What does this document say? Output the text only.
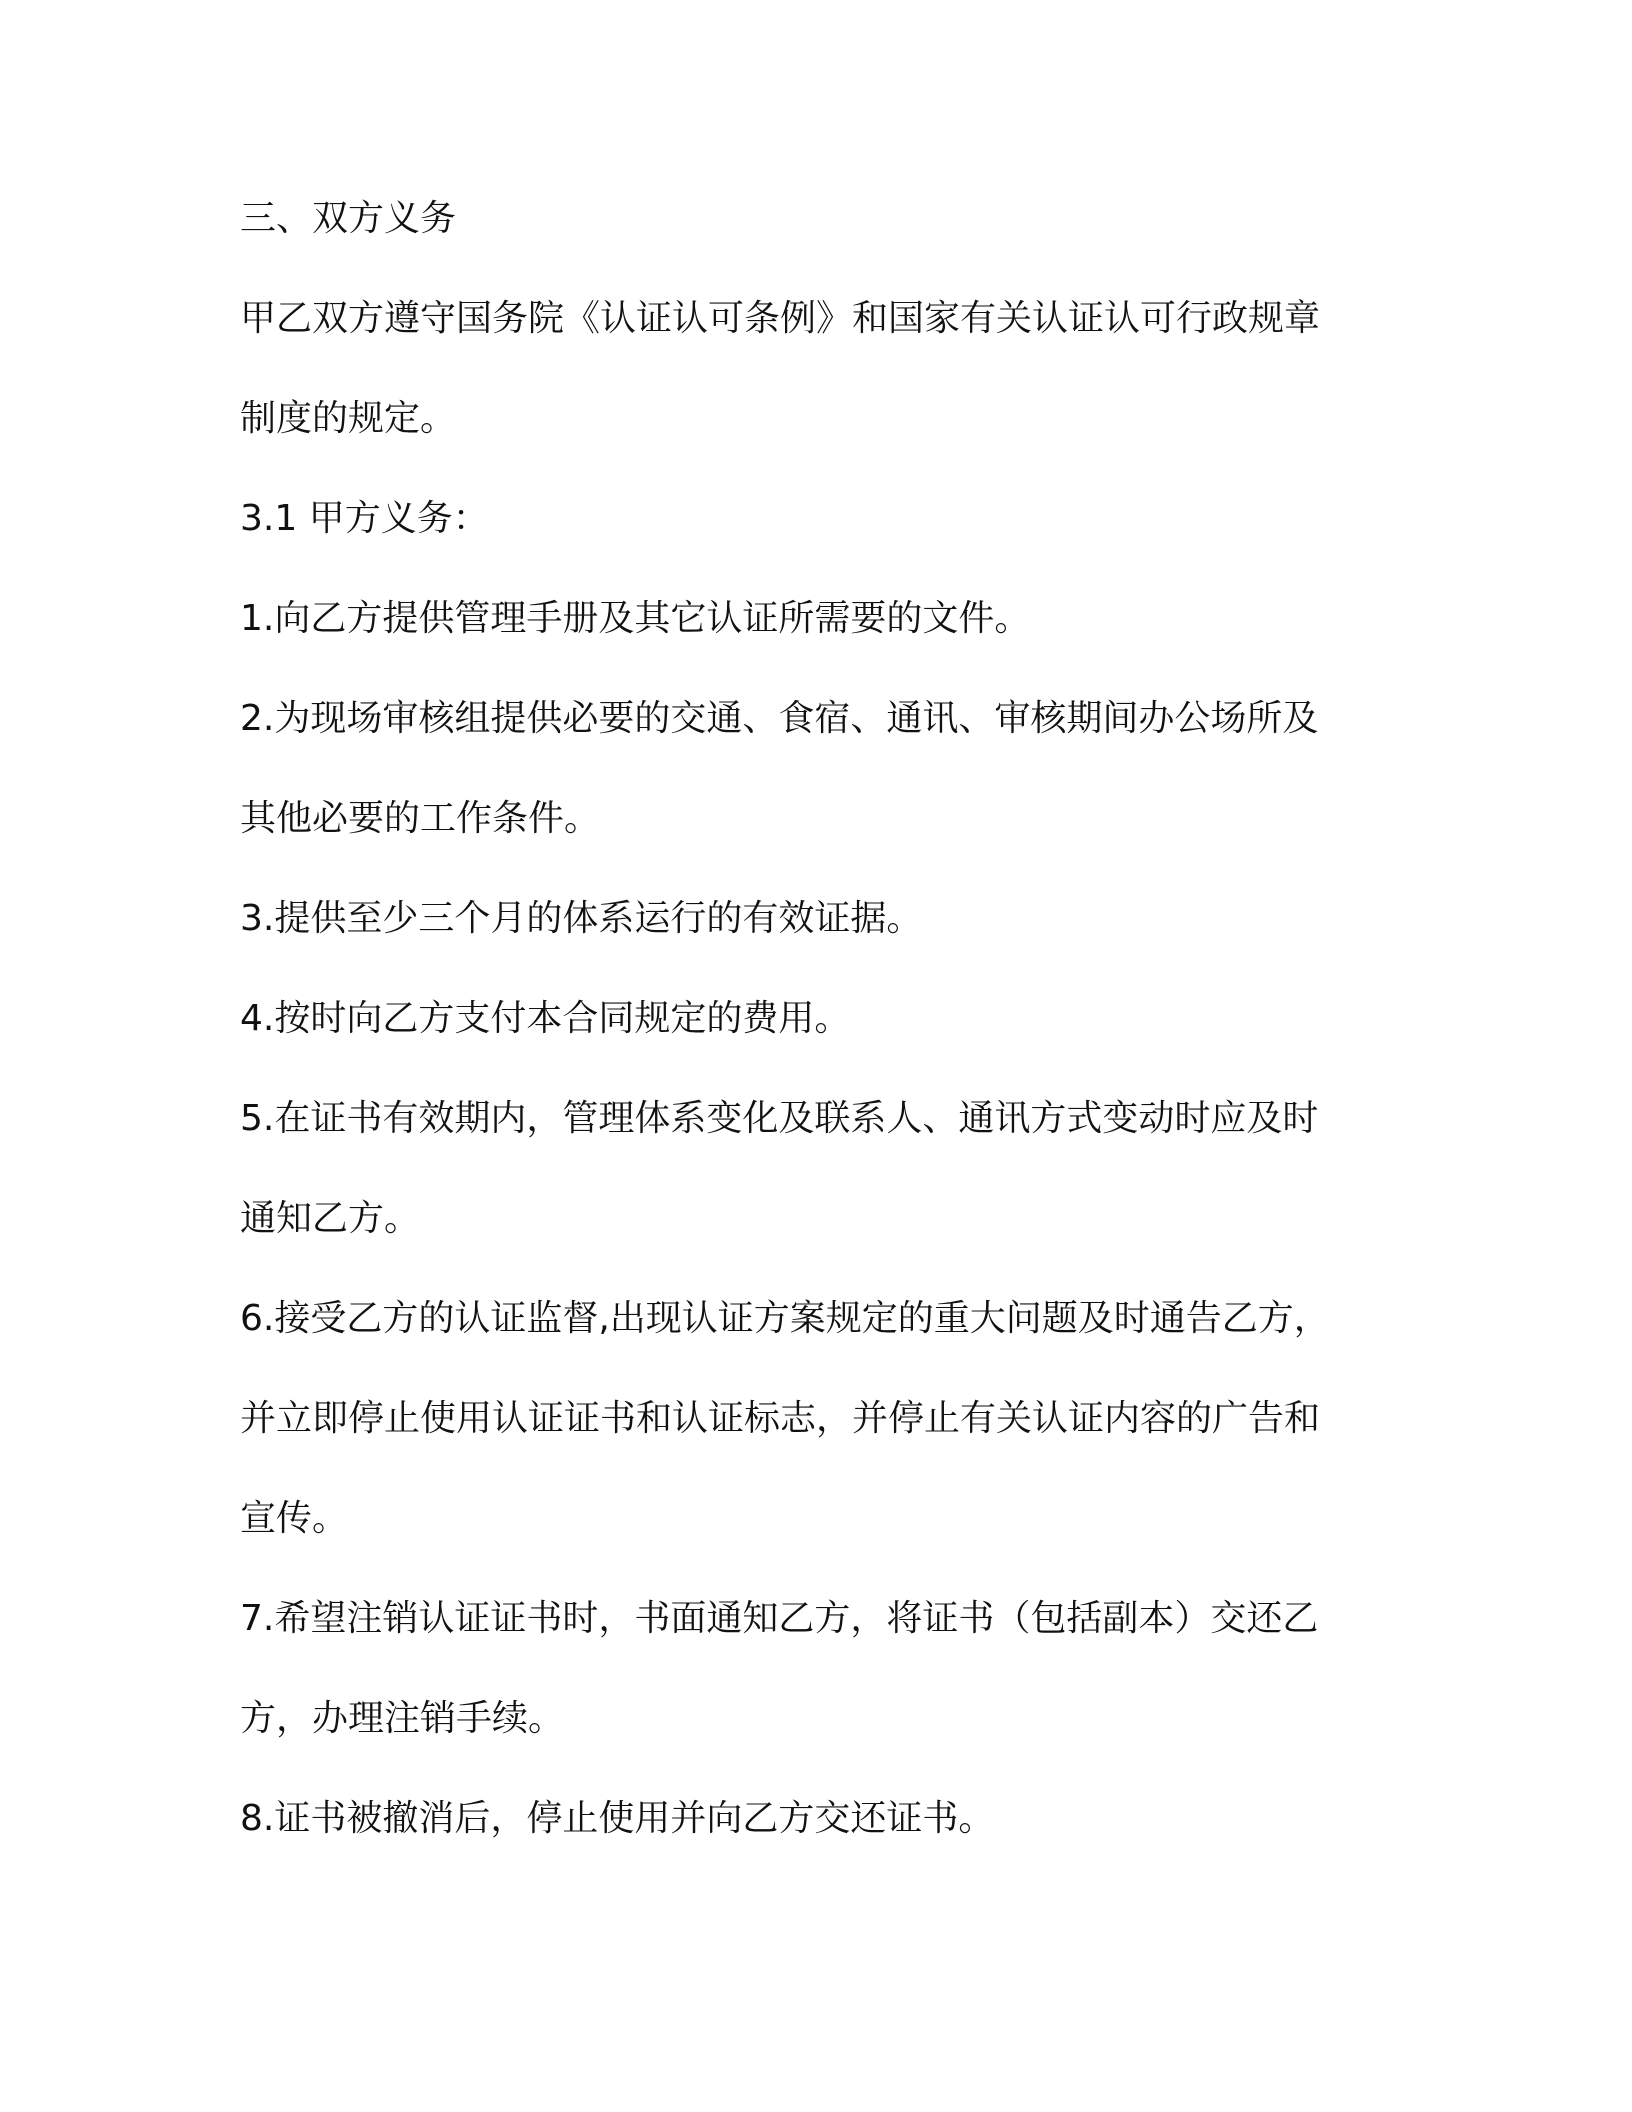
三、双方义务
甲乙双方遵守国务院《认证认可条例》和国家有关认证认可行政规章
制度的规定。
3.1 甲方义务：
1.向乙方提供管理手册及其它认证所需要的文件。
2.为现场审核组提供必要的交通、食宿、通讯、审核期间办公场所及
其他必要的工作条件。
3.提供至少三个月的体系运行的有效证据。
4.按时向乙方支付本合同规定的费用。
5.在证书有效期内，管理体系变化及联系人、通讯方式变动时应及时
通知乙方。
6.接受乙方的认证监督,出现认证方案规定的重大问题及时通告乙方，
并立即停止使用认证证书和认证标志，并停止有关认证内容的广告和
宣传。
7.希望注销认证证书时，书面通知乙方，将证书（包括副本）交还乙
方，办理注销手续。
8.证书被撤消后，停止使用并向乙方交还证书。
